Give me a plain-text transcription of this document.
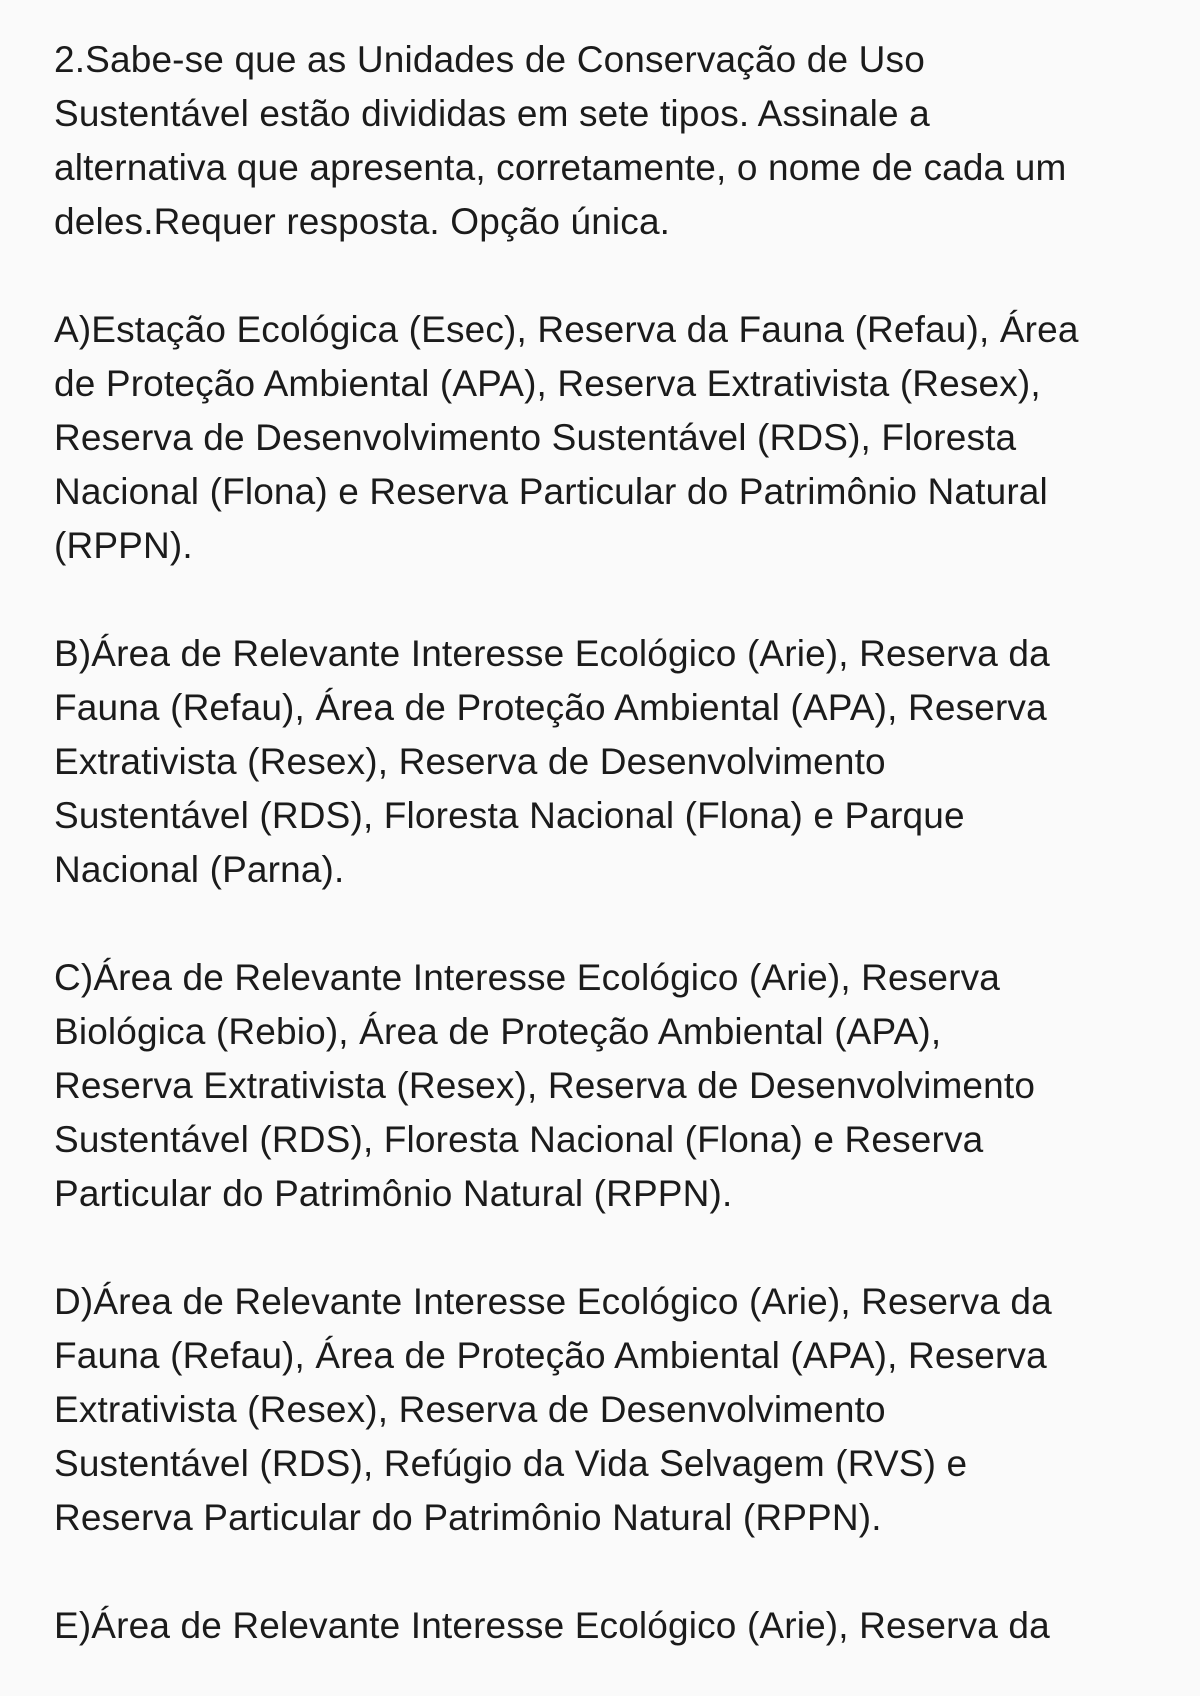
2.Sabe-se que as Unidades de Conservação de Uso
Sustentável estão divididas em sete tipos. Assinale a
alternativa que apresenta, corretamente, o nome de cada um
deles.Requer resposta. Opção única.

A)Estação Ecológica (Esec), Reserva da Fauna (Refau), Área
de Proteção Ambiental (APA), Reserva Extrativista (Resex),
Reserva de Desenvolvimento Sustentável (RDS), Floresta
Nacional (Flona) e Reserva Particular do Patrimônio Natural
(RPPN).

B)Área de Relevante Interesse Ecológico (Arie), Reserva da
Fauna (Refau), Área de Proteção Ambiental (APA), Reserva
Extrativista (Resex), Reserva de Desenvolvimento
Sustentável (RDS), Floresta Nacional (Flona) e Parque
Nacional (Parna).

C)Área de Relevante Interesse Ecológico (Arie), Reserva
Biológica (Rebio), Área de Proteção Ambiental (APA),
Reserva Extrativista (Resex), Reserva de Desenvolvimento
Sustentável (RDS), Floresta Nacional (Flona) e Reserva
Particular do Patrimônio Natural (RPPN).

D)Área de Relevante Interesse Ecológico (Arie), Reserva da
Fauna (Refau), Área de Proteção Ambiental (APA), Reserva
Extrativista (Resex), Reserva de Desenvolvimento
Sustentável (RDS), Refúgio da Vida Selvagem (RVS) e
Reserva Particular do Patrimônio Natural (RPPN).

E)Área de Relevante Interesse Ecológico (Arie), Reserva da
